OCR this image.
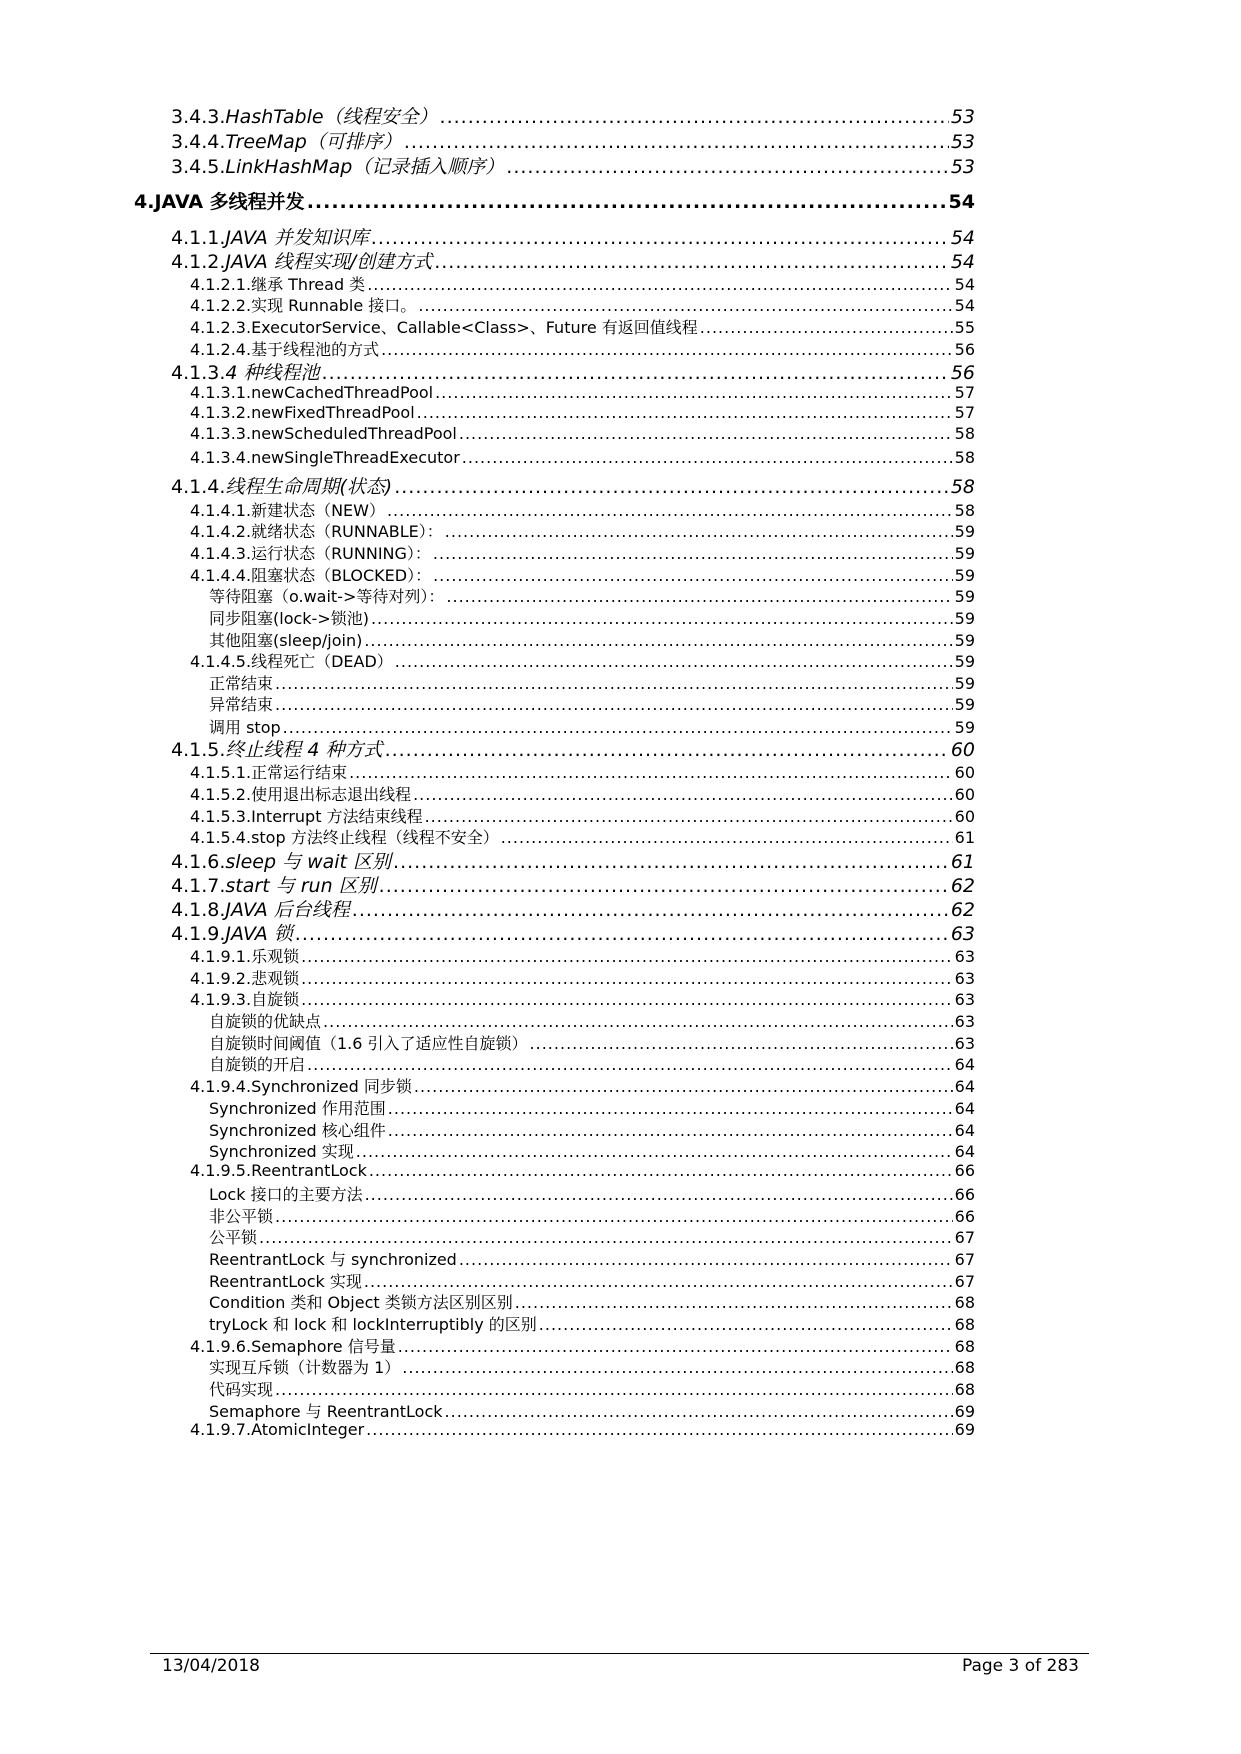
3.4.3. HashTable（线程安全） .....	53
3.4.4. TreeMap（可排序） .....	53
3.4.5. LinkHashMap（记录插入顺序） .....	53
4. JAVA 多线程并发 .....	54
4.1.1. JAVA 并发知识库 .....	54
4.1.2. JAVA 线程实现/创建方式 .....	54
4.1.2.1. 继承 Thread 类 .....	54
4.1.2.2. 实现 Runnable 接口。 .....	54
4.1.2.3. ExecutorService、Callable<Class>、Future 有返回值线程 .....	55
4.1.2.4. 基于线程池的方式 .....	56
4.1.3. 4 种线程池 .....	56
4.1.3.1. newCachedThreadPool .....	57
4.1.3.2. newFixedThreadPool .....	57
4.1.3.3. newScheduledThreadPool .....	58
4.1.3.4. newSingleThreadExecutor .....	58
4.1.4. 线程生命周期(状态) .....	58
4.1.4.1. 新建状态（NEW） .....	58
4.1.4.2. 就绪状态（RUNNABLE）： .....	59
4.1.4.3. 运行状态（RUNNING）： .....	59
4.1.4.4. 阻塞状态（BLOCKED）： .....	59
等待阻塞（o.wait->等待对列）： .....	59
同步阻塞(lock->锁池) .....	59
其他阻塞(sleep/join) .....	59
4.1.4.5. 线程死亡（DEAD） .....	59
正常结束 .....	59
异常结束 .....	59
调用 stop .....	59
4.1.5. 终止线程 4 种方式 .....	60
4.1.5.1. 正常运行结束 .....	60
4.1.5.2. 使用退出标志退出线程 .....	60
4.1.5.3. Interrupt 方法结束线程 .....	60
4.1.5.4. stop 方法终止线程（线程不安全） .....	61
4.1.6. sleep 与 wait 区别 .....	61
4.1.7. start 与 run 区别 .....	62
4.1.8. JAVA 后台线程 .....	62
4.1.9. JAVA 锁 .....	63
4.1.9.1. 乐观锁 .....	63
4.1.9.2. 悲观锁 .....	63
4.1.9.3. 自旋锁 .....	63
自旋锁的优缺点 .....	63
自旋锁时间阈值（1.6 引入了适应性自旋锁） .....	63
自旋锁的开启 .....	64
4.1.9.4. Synchronized 同步锁 .....	64
Synchronized 作用范围 .....	64
Synchronized 核心组件 .....	64
Synchronized 实现 .....	64
4.1.9.5. ReentrantLock .....	66
Lock 接口的主要方法 .....	66
非公平锁 .....	66
公平锁 .....	67
ReentrantLock 与 synchronized .....	67
ReentrantLock 实现 .....	67
Condition 类和 Object 类锁方法区别区别 .....	68
tryLock 和 lock 和 lockInterruptibly 的区别 .....	68
4.1.9.6. Semaphore 信号量 .....	68
实现互斥锁（计数器为 1） .....	68
代码实现 .....	68
Semaphore 与 ReentrantLock .....	69
4.1.9.7. AtomicInteger .....	69
13/04/2018	Page 3 of 283
